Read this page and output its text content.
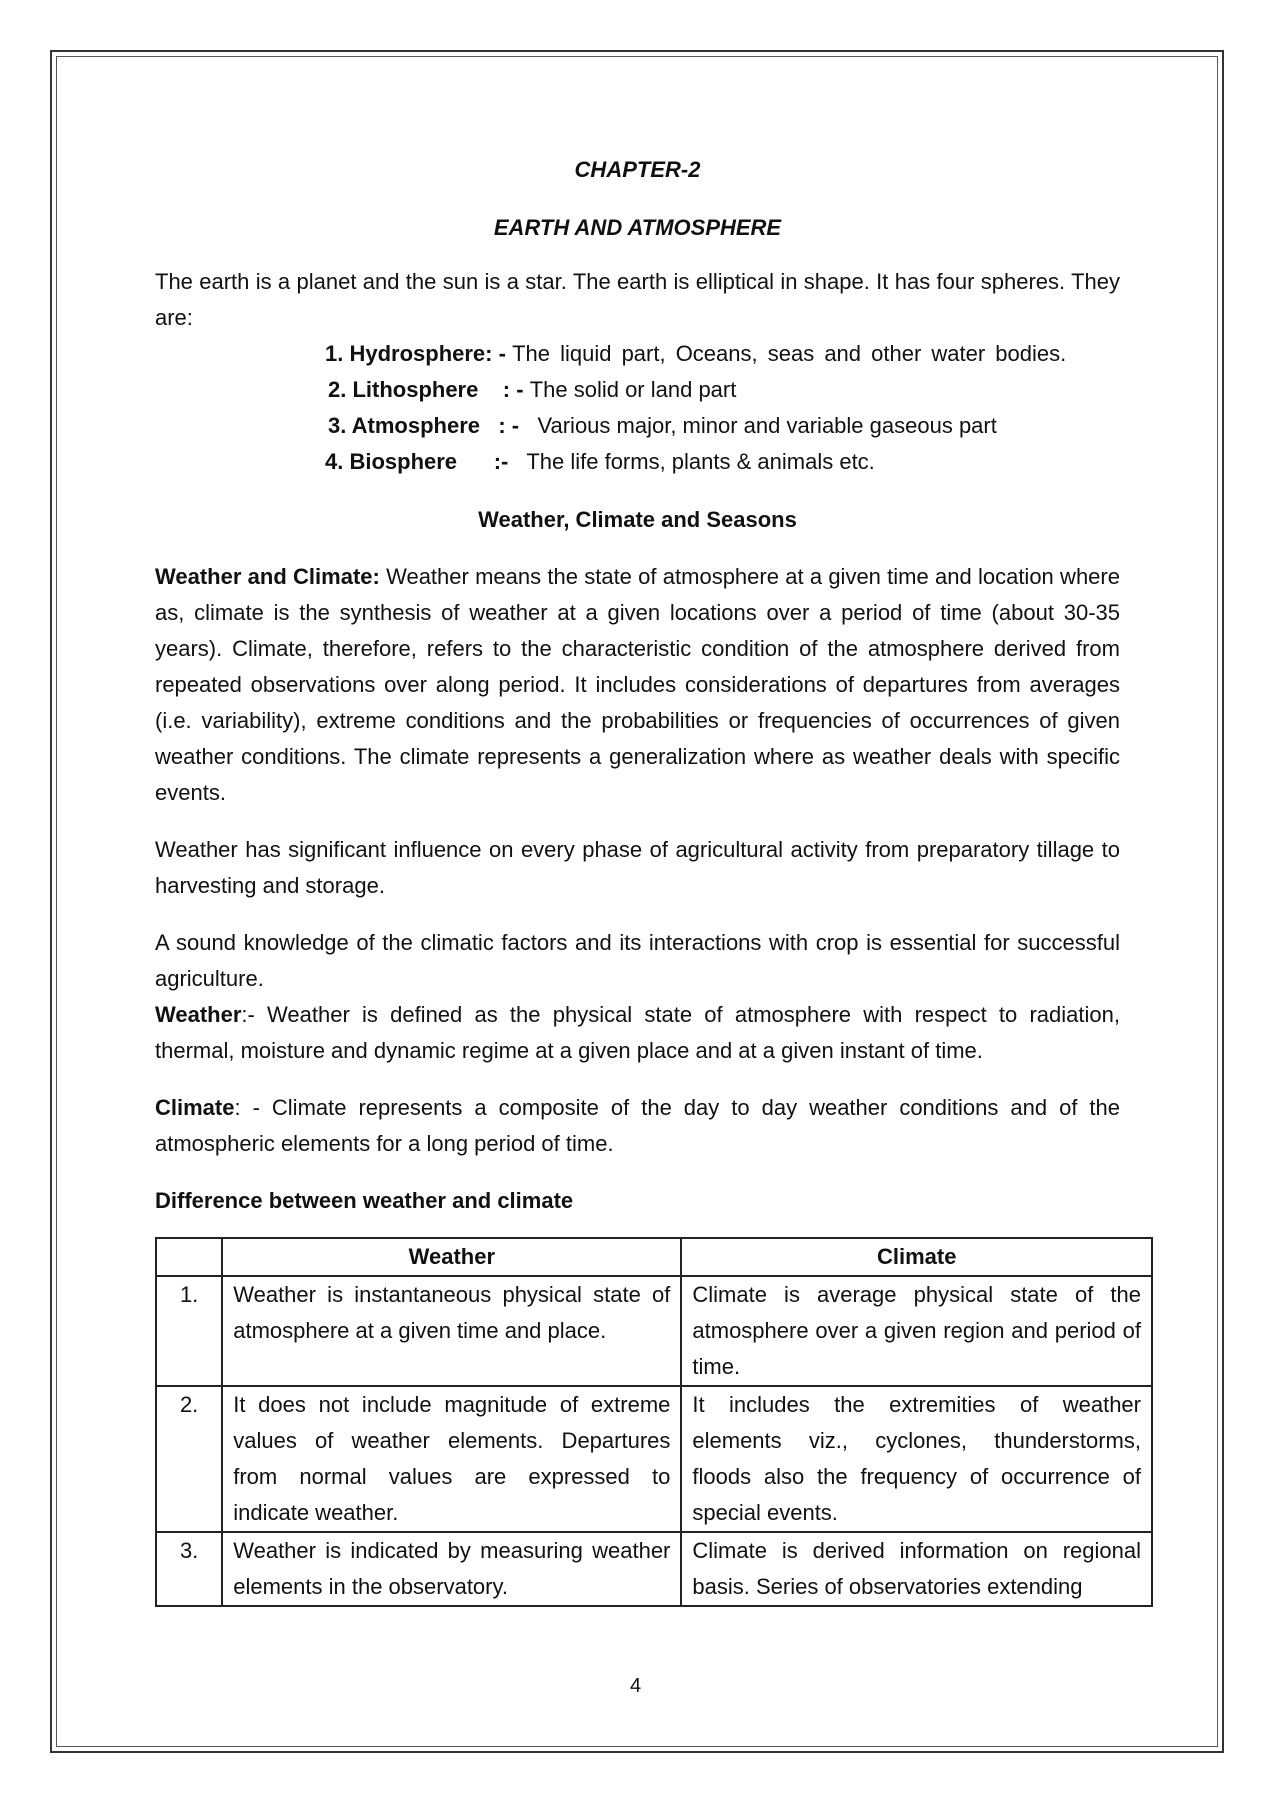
CHAPTER-2
EARTH AND ATMOSPHERE

The earth is a planet and the sun is a star. The earth is elliptical in shape. It has four spheres. They are:

1. Hydrosphere: - The liquid part, Oceans, seas and other water bodies.
2. Lithosphere : - The solid or land part
3. Atmosphere : - Various major, minor and variable gaseous part
4. Biosphere :- The life forms, plants & animals etc.
Weather, Climate and Seasons

Weather and Climate: Weather means the state of atmosphere at a given time and location where as, climate is the synthesis of weather at a given locations over a period of time (about 30-35 years). Climate, therefore, refers to the characteristic condition of the atmosphere derived from repeated observations over along period. It includes considerations of departures from averages (i.e. variability), extreme conditions and the probabilities or frequencies of occurrences of given weather conditions. The climate represents a generalization where as weather deals with specific events.

Weather has significant influence on every phase of agricultural activity from preparatory tillage to harvesting and storage.

A sound knowledge of the climatic factors and its interactions with crop is essential for successful agriculture.

Weather:- Weather is defined as the physical state of atmosphere with respect to radiation, thermal, moisture and dynamic regime at a given place and at a given instant of time.

Climate: - Climate represents a composite of the day to day weather conditions and of the atmospheric elements for a long period of time.

Difference between weather and climate
	Weather	Climate
1.	Weather is instantaneous physical state of atmosphere at a given time and place.	Climate is average physical state of the atmosphere over a given region and period of time.
2.	It does not include magnitude of extreme values of weather elements. Departures from normal values are expressed to indicate weather.	It includes the extremities of weather elements viz., cyclones, thunderstorms, floods also the frequency of occurrence of special events.
3.	Weather is indicated by measuring weather elements in the observatory.	Climate is derived information on regional basis. Series of observatories extending
4
